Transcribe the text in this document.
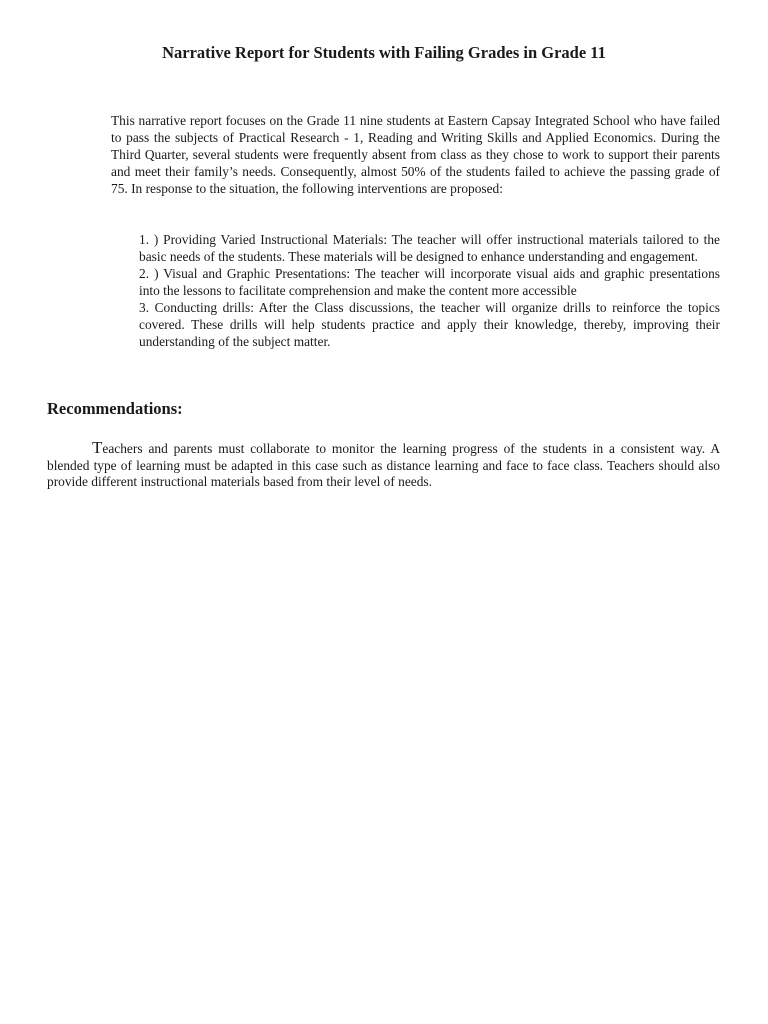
Narrative Report for Students with Failing Grades in Grade 11

This narrative report focuses on the Grade 11 nine students at Eastern Capsay Integrated School who have failed to pass the subjects of Practical Research - 1, Reading and Writing Skills and Applied Economics. During the Third Quarter, several students were frequently absent from class as they chose to work to support their parents and meet their family’s needs. Consequently, almost 50% of the students failed to achieve the passing grade of 75. In response to the situation, the following interventions are proposed:

1. ) Providing Varied Instructional Materials: The teacher will offer instructional materials tailored to the basic needs of the students. These materials will be designed to enhance understanding and engagement.
2. ) Visual and Graphic Presentations: The teacher will incorporate visual aids and graphic presentations into the lessons to facilitate comprehension and make the content more accessible
3. Conducting drills: After the Class discussions, the teacher will organize drills to reinforce the topics covered. These drills will help students practice and apply their knowledge, thereby, improving their understanding of the subject matter.
Recommendations:

Teachers and parents must collaborate to monitor the learning progress of the students in a consistent way. A blended type of learning must be adapted in this case such as distance learning and face to face class. Teachers should also provide different instructional materials based from their level of needs.
